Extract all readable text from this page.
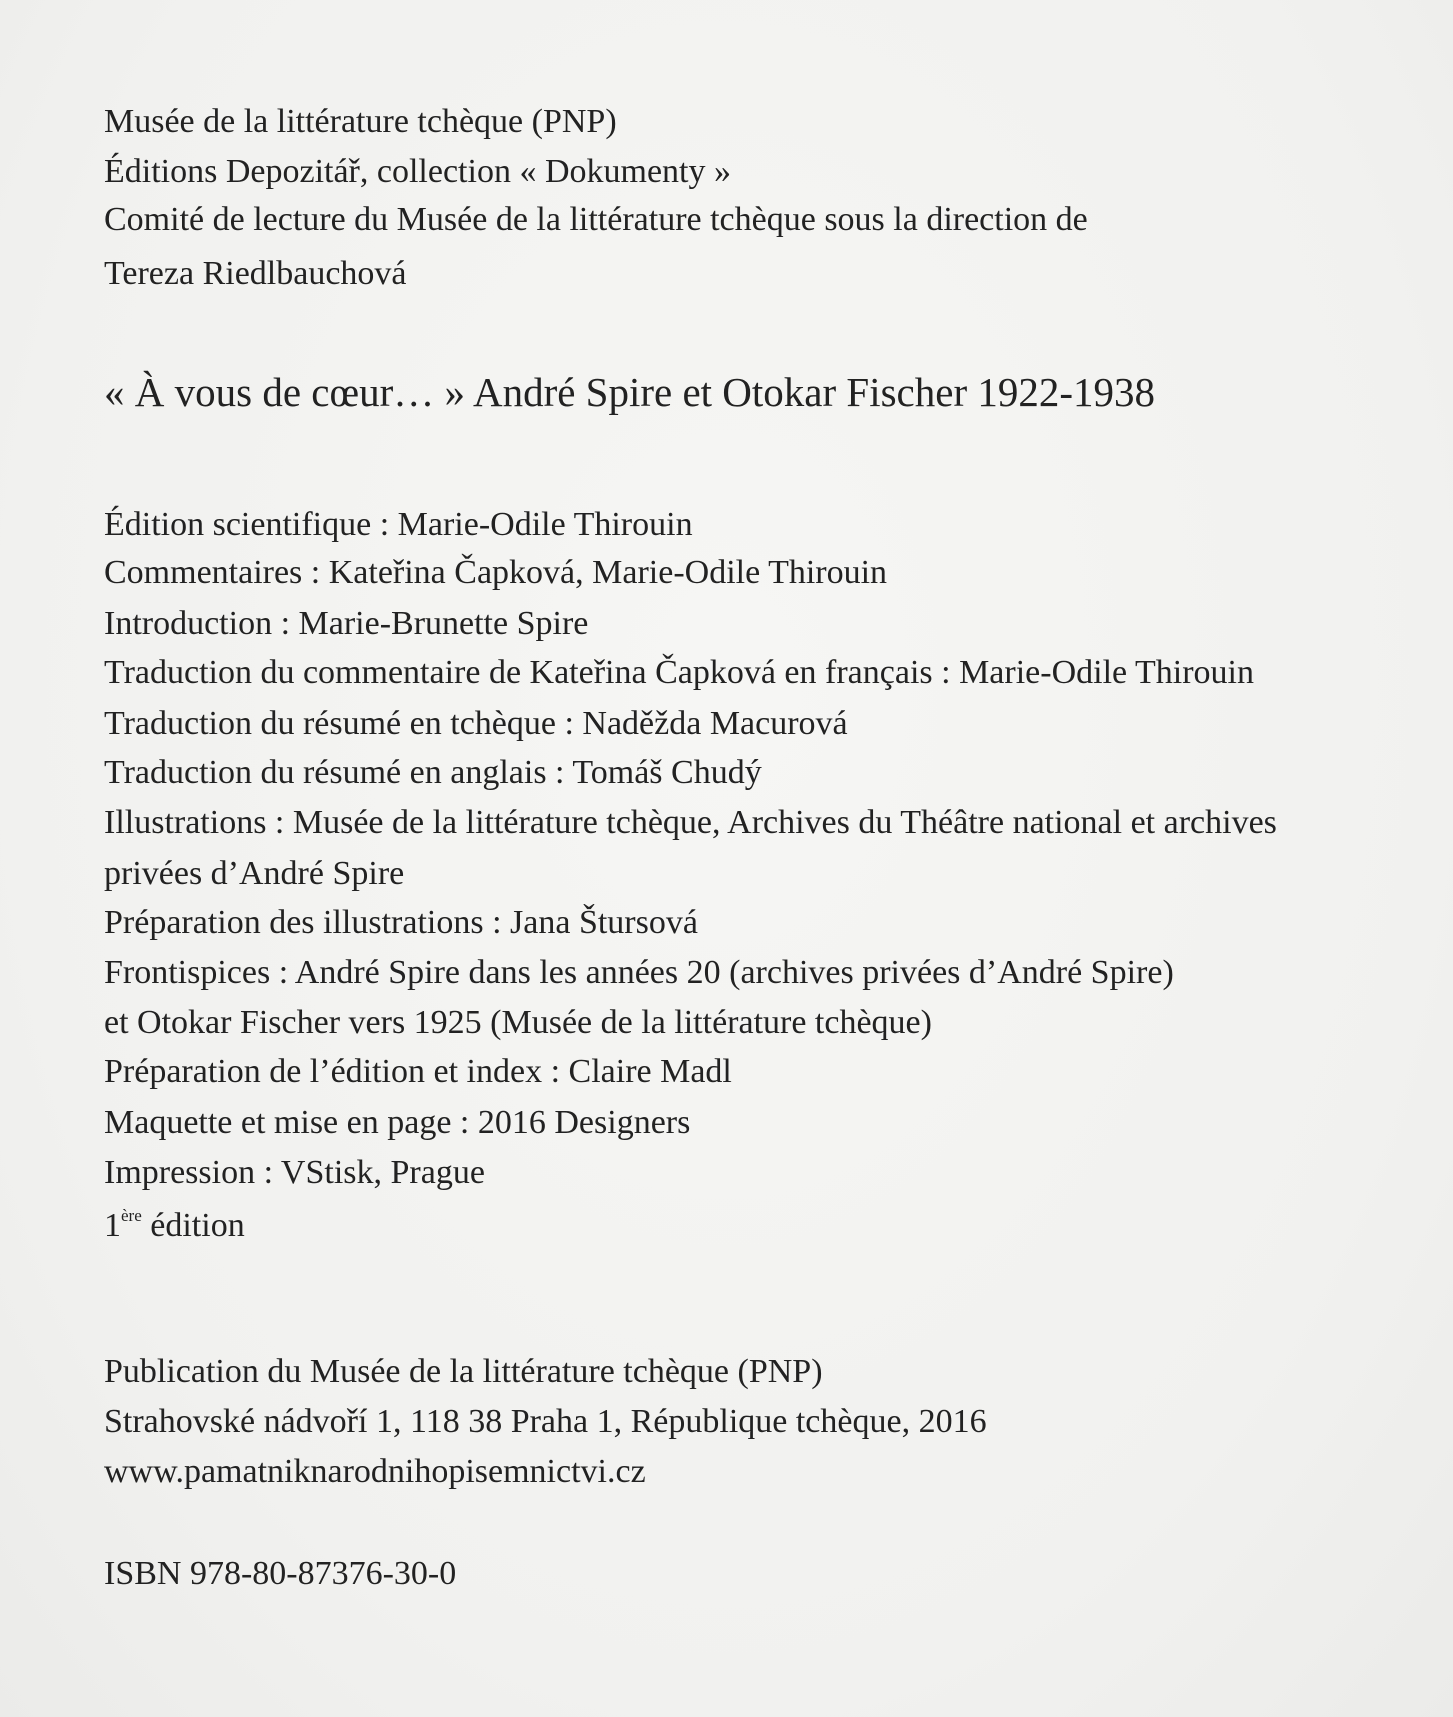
Musée de la littérature tchèque (PNP)
Éditions Depozitář, collection « Dokumenty »
Comité de lecture du Musée de la littérature tchèque sous la direction de
Tereza Riedlbauchová
« À vous de cœur… » André Spire et Otokar Fischer 1922-1938
Édition scientifique : Marie-Odile Thirouin
Commentaires : Kateřina Čapková, Marie-Odile Thirouin
Introduction : Marie-Brunette Spire
Traduction du commentaire de Kateřina Čapková en français : Marie-Odile Thirouin
Traduction du résumé en tchèque : Naděžda Macurová
Traduction du résumé en anglais : Tomáš Chudý
Illustrations : Musée de la littérature tchèque, Archives du Théâtre national et archives
privées d’André Spire
Préparation des illustrations : Jana Štursová
Frontispices : André Spire dans les années 20 (archives privées d’André Spire)
et Otokar Fischer vers 1925 (Musée de la littérature tchèque)
Préparation de l’édition et index : Claire Madl
Maquette et mise en page : 2016 Designers
Impression : VStisk, Prague
1ère édition
Publication du Musée de la littérature tchèque (PNP)
Strahovské nádvoří 1, 118 38 Praha 1, République tchèque, 2016
www.pamatniknarodnihopisemnictvi.cz
ISBN 978-80-87376-30-0
